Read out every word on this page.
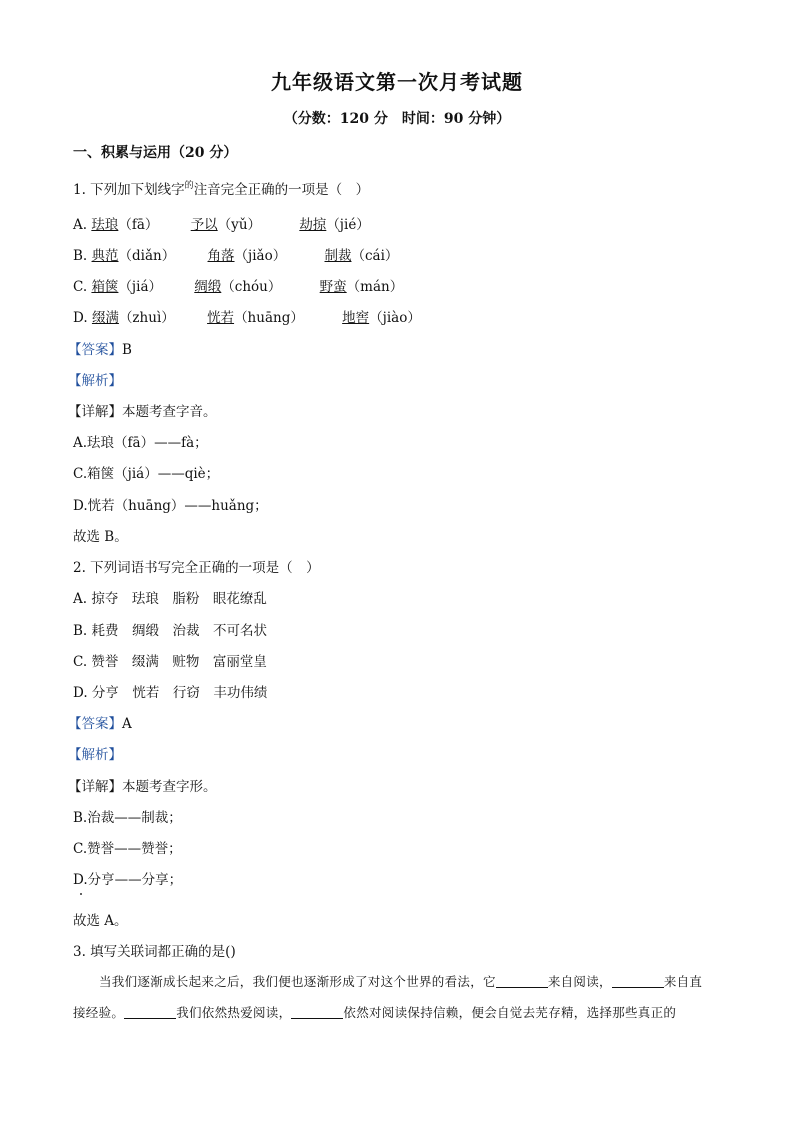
九年级语文第一次月考试题
（分数：120 分　时间：90 分钟）
一、积累与运用（20 分）
1. 下列加下划线字$^的$注音完全正确的一项是（　）
A. 珐琅（fā） 予以（yǔ）	劫掠（jié）
B. 典范（diǎn） 角落（jiǎo）	制裁（cái）
C. 箱箧（jiá） 绸缎（chóu）	野蛮（mán）
D. 缀满（zhuì） 恍若（huāng）	地窖（jiào）
【答案】B
【解析】
【详解】本题考查字音。
A.珐琅（fā）——fà；
C.箱箧（jiá）——qiè；
D.恍若（huāng）——huǎng；
故选 B。
2. 下列词语书写完全正确的一项是（　）
A. 掠夺　珐琅　脂粉　眼花缭乱
B. 耗费　绸缎　治裁　不可名状
C. 赞誉　缀满　赃物　富丽堂皇
D. 分亨　恍若　行窃　丰功伟绩
【答案】A
【解析】
【详解】本题考查字形。
B.治裁——制裁；
C.赞誉——赞誉；
D.分亨——分享；
故选 A。
3. 填写关联词都正确的是()
当我们逐渐成长起来之后，我们便也逐渐形成了对这个世界的看法，它	来自阅读，	来自直接经验。	我们依然热爱阅读，	依然对阅读保持信赖，便会自觉去芜存精，选择那些真正的
